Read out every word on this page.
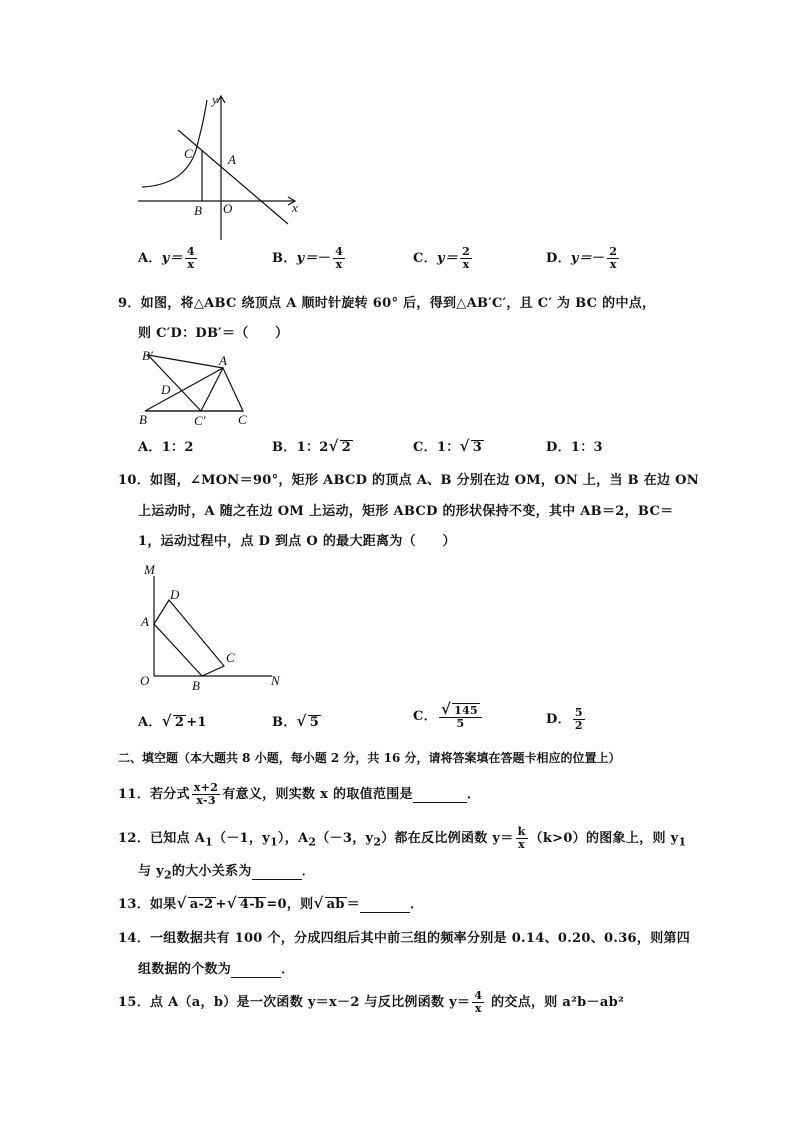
y
x
C	A
B O
A．$y= \frac{4}{x}$	B．$y=- \frac{4}{x}$	C．$y= \frac{2}{x}$	D．$y=- \frac{2}{x}$
9．如图，将△ABC 绕顶点 A 顺时针旋转 60° 后，得到△AB′C′，且 C′ 为 BC 的中点，
则 C′D：DB′＝（　　）
B′	A
D
B	C′ C
A．1：2	B．1：2√ 2	C．1：√ 3	D．1：3
10．如图，∠MON＝90°，矩形 ABCD 的顶点 A、B 分别在边 OM，ON 上，当 B 在边 ON
上运动时，A 随之在边 OM 上运动，矩形 ABCD 的形状保持不变，其中 AB＝2，BC＝
1，运动过程中，点 D 到点 O 的最大距离为（　　）
M
D
A
C
O	B	N
A．√ 2 +1	B．√ 5	C． $\frac{√ 145}{5}$	D． $\frac{5}{2}$
二、填空题（本大题共 8 小题，每小题 2 分，共 16 分，请将答案填在答题卡相应的位置上）
11．若分式 $\frac{x+2}{x-3}$ 有意义，则实数 x 的取值范围是	．
12．已知点 $A_1(-1$，$y_1$），$A_2(-3$，$y_2$）都在反比例函数 $y= \frac{k}{x} (k>0)$的图象上，则 $y_1$
与 $y_2$的大小关系为	．
13．如果√ a-2 +√ 4-b =0，则√ ab ＝	．
14．一组数据共有 100 个，分成四组后其中前三组的频率分别是 0.14、0.20、0.36，则第四
组数据的个数为	．
15．点 A（a，b）是一次函数 y＝x－2 与反比例函数 $y= \frac{4}{x}$ 的交点，则 a²b－ab²
